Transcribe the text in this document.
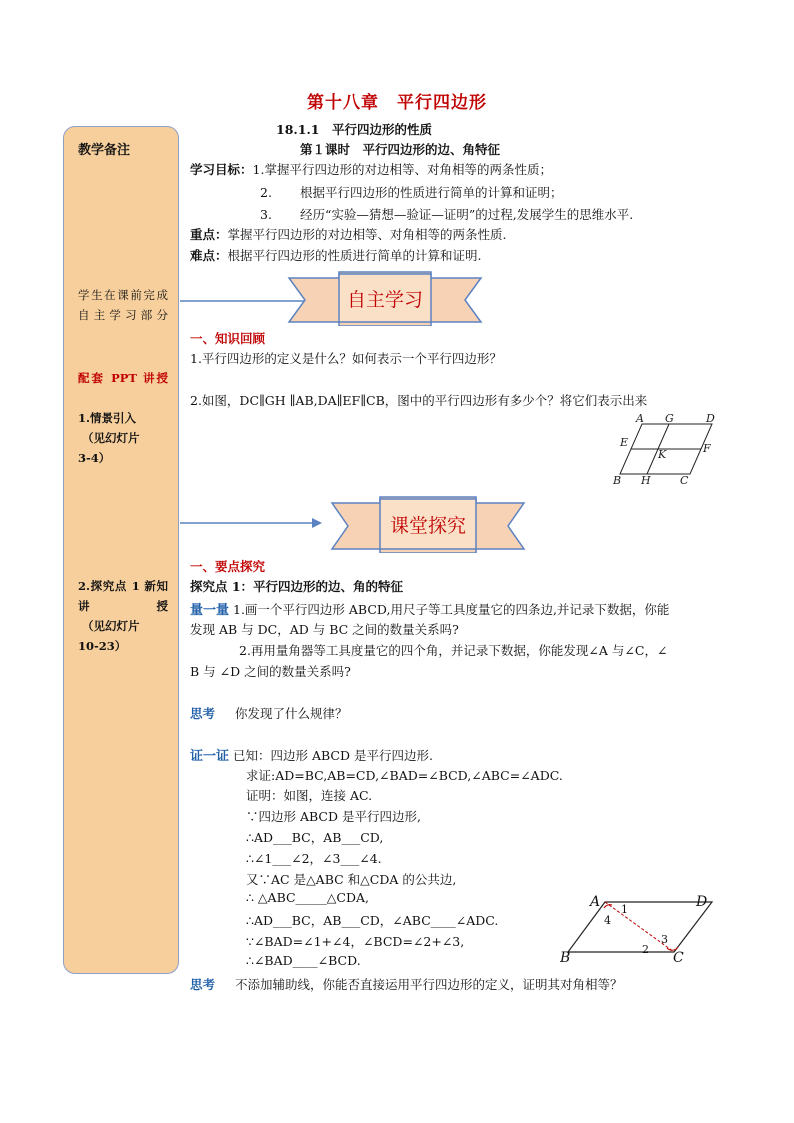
第十八章　平行四边形
18.1.1　平行四边形的性质
第１课时　平行四边形的边、角特征
教学备注
学生在课前完成自主学习部分
配套 PPT 讲授
1.情景引入
（见幻灯片
3-4）
2.探究点 1 新知讲授
（见幻灯片
10-23）
学习目标：1.掌握平行四边形的对边相等、对角相等的两条性质；
2. 根据平行四边形的性质进行简单的计算和证明；
3. 经历“实验—猜想—验证—证明”的过程,发展学生的思维水平.
重点：掌握平行四边形的对边相等、对角相等的两条性质.
难点：根据平行四边形的性质进行简单的计算和证明.
自主学习
一、知识回顾
1.平行四边形的定义是什么？如何表示一个平行四边形？
2.如图，DC∥GH ∥AB,DA∥EF∥CB，图中的平行四边形有多少个？将它们表示出来
A G	D
E
K	F
B H	C
课堂探究
一、要点探究
探究点 1：平行四边形的边、角的特征
量一量 1.画一个平行四边形 ABCD,用尺子等工具度量它的四条边,并记录下数据，你能
发现 AB 与 DC，AD 与 BC 之间的数量关系吗?
2.再用量角器等工具度量它的四个角，并记录下数据，你能发现∠A 与∠C，∠
B 与 ∠D 之间的数量关系吗?
思考 你发现了什么规律？
证一证 已知：四边形 ABCD 是平行四边形.
求证:AD=BC,AB=CD,∠BAD=∠BCD,∠ABC=∠ADC.
证明：如图，连接 AC.
∵四边形 ABCD 是平行四边形,
∴AD___BC，AB___CD,
∴∠1___∠2，∠3___∠4.
又∵AC 是△ABC 和△CDA 的公共边,
∴ △ABC_____△CDA,
∴AD___BC，AB___CD，∠ABC____∠ADC.
∵∠BAD=∠1+∠4，∠BCD=∠2+∠3,
∴∠BAD____∠BCD.
思考 不添加辅助线，你能否直接运用平行四边形的定义，证明其对角相等？
A	D
B	C
1
2
3
4
